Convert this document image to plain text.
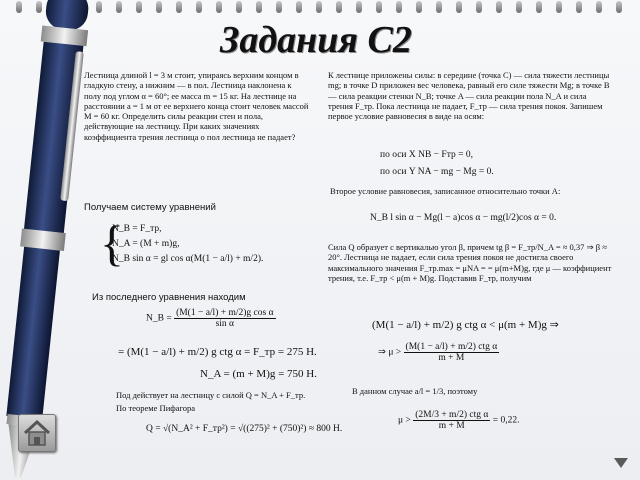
Задания С2

Лестница длиной l = 3 м стоит, упираясь верхним концом в гладкую стену, а нижним — в пол. Лестница наклонена к полу под углом α = 60°; ее масса m = 15 кг. На лестнице на расстоянии a = 1 м от ее верхнего конца стоит человек массой M = 60 кг. Определить силы реакции стен и пола, действующие на лестницу. При каких значениях коэффициента трения лестница о пол лестница не падает?

К лестнице приложены силы: в середине (точка C) — сила тяжести лестницы mg; в точке D приложен вес человека, равный его силе тяжести Mg; в точке B — сила реакции стенки N_B; точке A — сила реакции пола N_A и сила трения F_тр. Пока лестница не падает, F_тр — сила трения покоя. Запишем первое условие равновесия в виде на осям:

по оси X NB − Fтр = 0,

по оси Y NA − mg − Mg = 0.

Второе условие равновесия, записанное относительно точки A:

N_B l sin α − Mg(l − a)cos α − mg(l/2)cos α = 0.

Получаем систему уравнений

{
N_B = F_тр,
N_A = (M + m)g,
N_B sin α = gl cos α(M(1 − a/l) + m/2).

Из последнего уравнения находим

N_B = $\frac{\text{(M(1 − a/l) + m/2)g cos α}}{\text{sin α}}$

= (M(1 − a/l) + m/2) g ctg α = F_тр = 275 Н.

N_A = (m + M)g = 750 Н.

Сила Q образует с вертикалью угол β, причем tg β = F_тр/N_A = ≈ 0,37 ⇒ β ≈ 20°. Лестница не падает, если сила трения покоя не достигла своего максимального значения F_тр.max = μNA = = μ(m+M)g, где μ — коэффициент трения, т.е. F_тр < μ(m + M)g. Подставив F_тр, получим

(M(1 − a/l) + m/2) g ctg α < μ(m + M)g ⇒

⇒ $\mu > \frac{\text{(M(1 − a/l) + m/2) ctg α}}{m + M}$

Под действует на лестницу с силой Q = N_A + F_тр.

По теореме Пифагора

Q = √(N_A² + F_тр²) = √((275)² + (750)²) ≈ 800 Н.

В данном случае a/l = 1/3, поэтому

$\mu > \frac{\text{(2M/3 + m/2) ctg α}}{m + M} = 0,22$.
